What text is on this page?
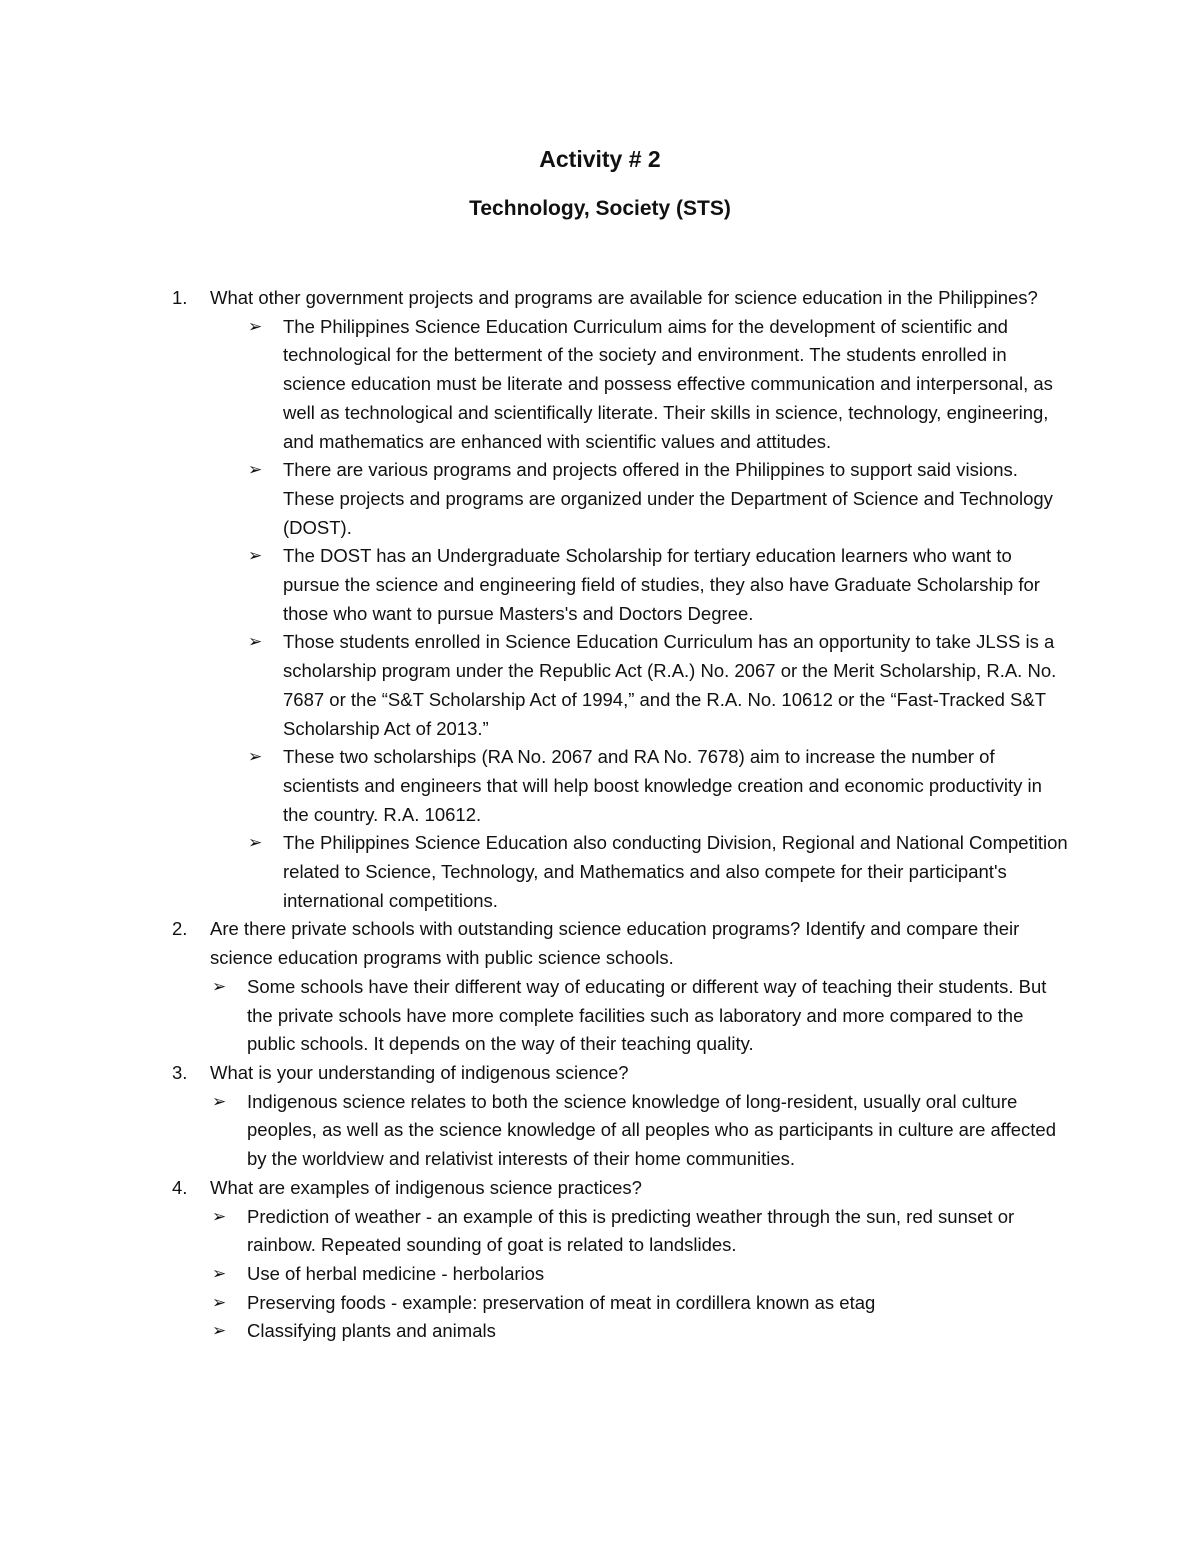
Activity # 2
Technology, Society (STS)
1. What other government projects and programs are available for science education in the Philippines?
➢ The Philippines Science Education Curriculum aims for the development of scientific and technological for the betterment of the society and environment. The students enrolled in science education must be literate and possess effective communication and interpersonal, as well as technological and scientifically literate. Their skills in science, technology, engineering, and mathematics are enhanced with scientific values and attitudes.
➢ There are various programs and projects offered in the Philippines to support said visions. These projects and programs are organized under the Department of Science and Technology (DOST).
➢ The DOST has an Undergraduate Scholarship for tertiary education learners who want to pursue the science and engineering field of studies, they also have Graduate Scholarship for those who want to pursue Masters's and Doctors Degree.
➢ Those students enrolled in Science Education Curriculum has an opportunity to take JLSS is a scholarship program under the Republic Act (R.A.) No. 2067 or the Merit Scholarship, R.A. No. 7687 or the “S&T Scholarship Act of 1994,” and the R.A. No. 10612 or the “Fast-Tracked S&T Scholarship Act of 2013.”
➢ These two scholarships (RA No. 2067 and RA No. 7678) aim to increase the number of scientists and engineers that will help boost knowledge creation and economic productivity in the country. R.A. 10612.
➢ The Philippines Science Education also conducting Division, Regional and National Competition related to Science, Technology, and Mathematics and also compete for their participant's international competitions.
2. Are there private schools with outstanding science education programs? Identify and compare their science education programs with public science schools.
➢ Some schools have their different way of educating or different way of teaching their students. But the private schools have more complete facilities such as laboratory and more compared to the public schools. It depends on the way of their teaching quality.
3. What is your understanding of indigenous science?
➢ Indigenous science relates to both the science knowledge of long-resident, usually oral culture peoples, as well as the science knowledge of all peoples who as participants in culture are affected by the worldview and relativist interests of their home communities.
4. What are examples of indigenous science practices?
➢ Prediction of weather - an example of this is predicting weather through the sun, red sunset or rainbow. Repeated sounding of goat is related to landslides.
➢ Use of herbal medicine - herbolarios
➢ Preserving foods - example: preservation of meat in cordillera known as etag
➢ Classifying plants and animals
